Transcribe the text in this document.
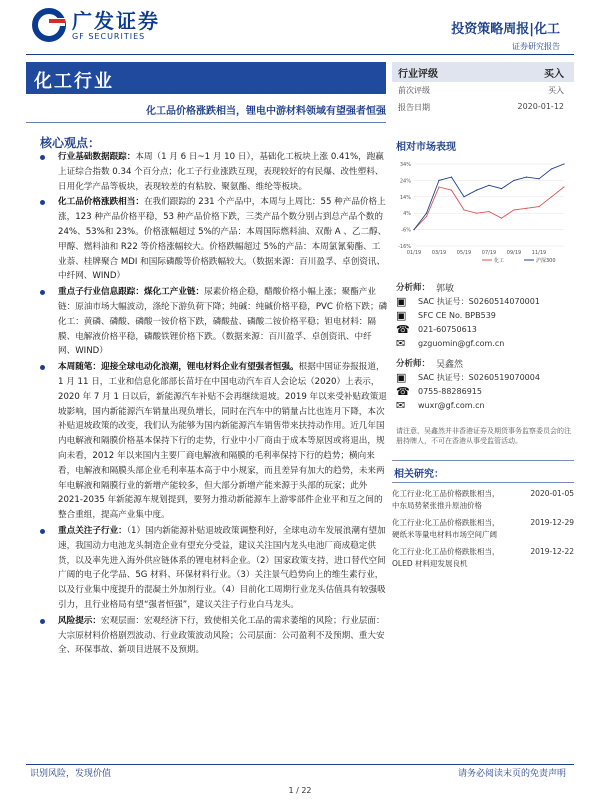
广发证券
GF SECURITIES	投资策略周报|化工
证券研究报告
化工行业
化工品价格涨跌相当，锂电中游材料领域有望强者恒强
行业评级	买入
前次评级	买入
报告日期	2020-01-12
核心观点：
行业基础数据跟踪：本周（1 月 6 日~1 月 10 日），基础化工板块上涨 0.41%，跑赢上证综合指数 0.34 个百分点；化工子行业涨跌互现，表现较好的有民爆、改性塑料、日用化学产品等板块，表现较差的有粘胶、聚氨酯、维纶等板块。
化工品价格涨跌相当：在我们跟踪的 231 个产品中，本周与上周比：55 种产品价格上涨，123 种产品价格平稳，53 种产品价格下跌，三类产品个数分别占到总产品个数的 24%、53%和 23%。价格涨幅超过 5%的产品：本周国际燃料油、双酚 A 、乙二醇、甲醇、燃料油和 R22 等价格涨幅较大。价格跌幅超过 5%的产品：本周氯氰菊酯、工业萘、桂牌聚合 MDI 和国际磷酸等价格跌幅较大。（数据来源：百川盈孚、卓创资讯、中纤网、WIND）
重点子行业信息跟踪：煤化工产业链：尿素价格企稳，醋酸价格小幅上涨；聚酯产业链：原油市场大幅波动，涤纶下游负荷下降；纯碱：纯碱价格平稳，PVC 价格下跌；磷化工：黄磷、磷酸、磷酸一铵价格下跌，磷酸盐、磷酸二铵价格平稳；钽电材料：隔膜、电解液价格平稳，磷酸铁锂价格下跌。（数据来源：百川盈孚、卓创资讯、中纤网、WIND）
本周随笔：迎接全球电动化浪潮，锂电材料企业有望强者恒强。根据中国证券报报道，1 月 11 日，工业和信息化部部长苗圩在中国电动汽车百人会论坛（2020）上表示，2020 年 7 月 1 日以后，新能源汽车补贴不会再继续退坡。2019 年以来受补贴政策退坡影响，国内新能源汽车销量出现负增长，同时在汽车中的销量占比也连月下降，本次补贴退坡政策的改变，我们认为能够为国内新能源汽车销售带来扶持动作用。近几年国内电解液和隔膜价格基本保持下行的走势，行业中小厂商由于成本等原因或将退出，规向未看，2012 年以来国内主要厂商电解液和隔膜的毛利率保持下行的趋势；横向来看，电解液和隔膜头部企业毛利率基本高于中小规家，而且差异有加大的趋势，未来两年电解液和隔膜行业的新增产能较多，但大部分新增产能来源于头部的玩家；此外 2021-2035 年新能源车规划提到，要努力推动新能源车上游零部件企业平和互之间的整合重组，提高产业集中度。
重点关注子行业：（1）国内新能源补贴退坡政策调整利好，全球电动车发展浪潮有望加速，我国动力电池龙头制造企业有望充分受益，建议关注国内龙头电池厂商成稳定供货，以及率先进入海外供应链体系的锂电材料企业。（2）国家政策支持，进口替代空间广阔的电子化学品、5G 材料、环保材料行业。（3）关注景气趋势向上的维生素行业，以及行业集中度提升的混凝土外加剂行业。（4）目前化工周期行业龙头估值具有较强吸引力，且行业格局有望“强者恒强”，建议关注子行业白马龙头。
风险提示：宏观层面：宏观经济下行，致使相关化工品的需求萎缩的风险；行业层面：大宗原材料价格剧烈波动、行业政策波动风险；公司层面：公司盈利不及预期、重大安全、环保事故、新项目进展不及预期。
相对市场表现
34%
24%
14%
4%
-6%
-16%
01/19 03/19 05/19 07/19 09/19 11/19
化工	沪深300
分析师： 郭敏
▣	SAC 执证号：S0260514070001
▣	SFC CE No. BPB539
☎	021-60750613
✉	gzguomin@gf.com.cn
分析师： 吴鑫然
▣	SAC 执证号：S0260519070004
☎	0755-88286915
✉	wuxr@gf.com.cn
请注意，吴鑫然并非香港证券及期货事务监察委员会的注册持牌人，不可在香港从事受监管活动。
相关研究：
化工行业:化工品价格跌胀相当，	2020-01-05
中东局势紧张推升原油价格
化工行业:化工品价格跌胀相当，	2019-12-29
硬纸米等量电材料市场空间广阔
化工行业:化工品价格跌胀相当，	2019-12-22
OLED 材料迎发展良机
识别风险，发现价值	请务必阅读末页的免责声明
1 / 22
